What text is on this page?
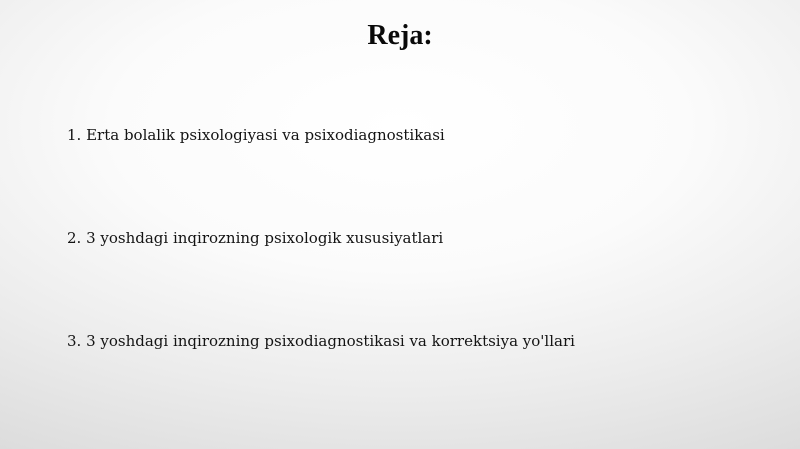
Reja:
1. Erta bolalik psixologiyasi va psixodiagnostikasi
2. 3 yoshdagi inqirozning psixologik xususiyatlari
3. 3 yoshdagi inqirozning psixodiagnostikasi va korrektsiya yo'llari
